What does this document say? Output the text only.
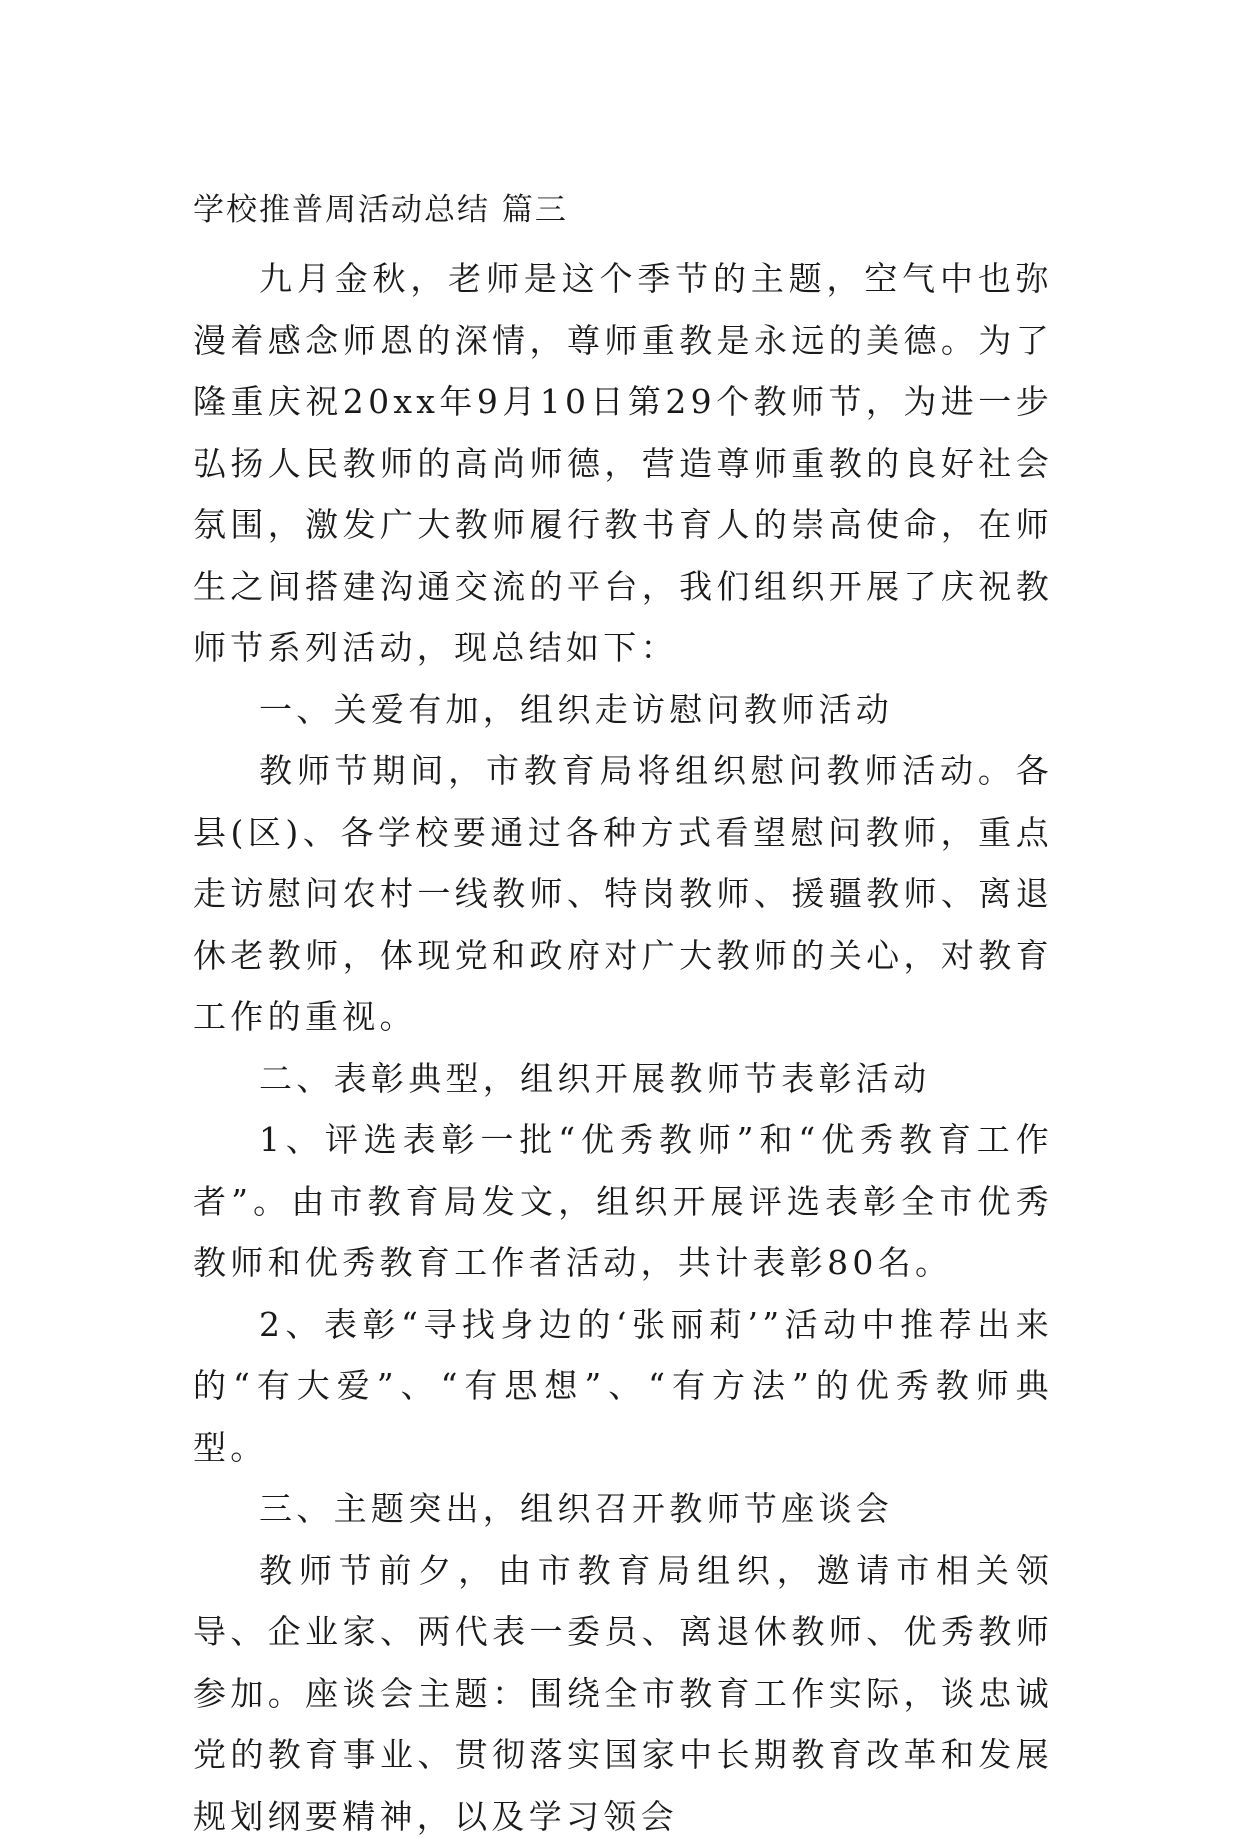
学校推普周活动总结 篇三

九月金秋，老师是这个季节的主题，空气中也弥漫着感念师恩的深情，尊师重教是永远的美德。为了隆重庆祝20xx年9月10日第29个教师节，为进一步弘扬人民教师的高尚师德，营造尊师重教的良好社会氛围，激发广大教师履行教书育人的崇高使命，在师生之间搭建沟通交流的平台，我们组织开展了庆祝教师节系列活动，现总结如下：

一、关爱有加，组织走访慰问教师活动

教师节期间，市教育局将组织慰问教师活动。各县(区)、各学校要通过各种方式看望慰问教师，重点走访慰问农村一线教师、特岗教师、援疆教师、离退休老教师，体现党和政府对广大教师的关心，对教育工作的重视。

二、表彰典型，组织开展教师节表彰活动

1、评选表彰一批“优秀教师”和“优秀教育工作者”。由市教育局发文，组织开展评选表彰全市优秀教师和优秀教育工作者活动，共计表彰80名。

2、表彰“寻找身边的‘张丽莉’”活动中推荐出来的“有大爱”、“有思想”、“有方法”的优秀教师典型。

三、主题突出，组织召开教师节座谈会

教师节前夕，由市教育局组织，邀请市相关领导、企业家、两代表一委员、离退休教师、优秀教师参加。座谈会主题：围绕全市教育工作实际，谈忠诚党的教育事业、贯彻落实国家中长期教育改革和发展规划纲要精神，以及学习领会
